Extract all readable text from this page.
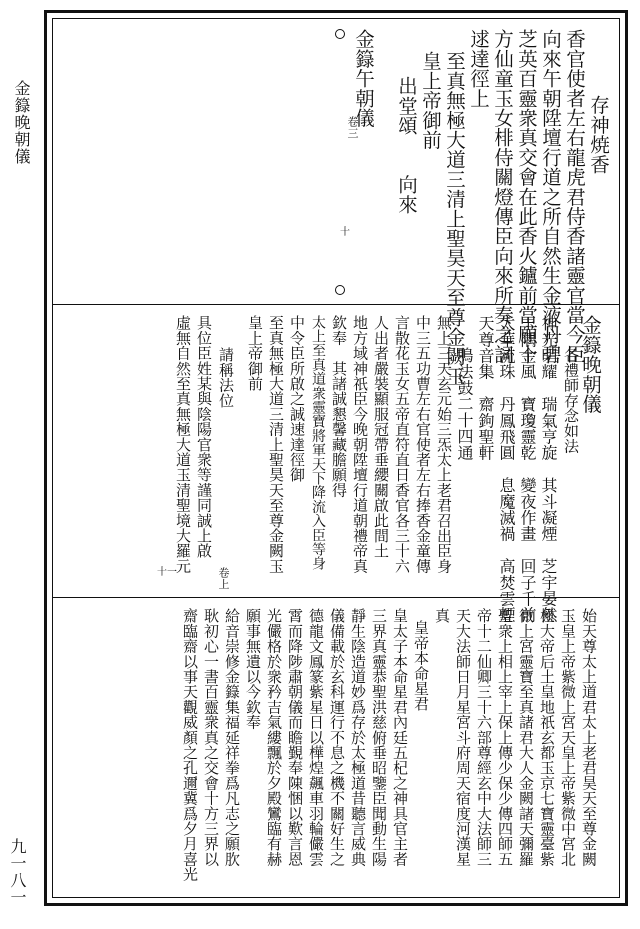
金籙晚朝儀
九一八一
存神焼香
香官使者左右龍虎君侍香諸靈官當今臣
向來午朝陞壇行道之所自然生金液丹碧
芝英百靈衆真交會在此香火鑪前當願十
方仙童玉女棑侍關燈傳臣向來所奏之詞
逑達徑上
至真無極大道三清上聖昊天至尊金闕玉
皇上帝御前
出堂頌　　向來
金籙午朝儀
卷三
十
金籙晚朝儀
各禮師存念如法
神光明耀　瑞氣亨旋　其斗凝煙　芝宇晏然
玉隅金風　寶瓊靈乾　變夜作畫　回子千前
太華流珠　丹鳳飛圓　息魔滅禍　高焚雲煙
天尊音集　齋鉤聖軒
鳴法鼓二十四通
無上三天玄元始三炁太上老君召出臣身
中三五功曹左右官使者左右捧香金童傳
言散花玉女五帝直符直日香官各三十六
人出者嚴裝顯服冠帶垂纓關啟此間土
地方域神祇臣今晚朝陞壇行道朝禮帝真
欽奉　其諸誠懇馨藏膽願得
太上至真道衆靈寶將軍天下降流入臣等身
中令臣所啟之誠速達徑御
至真無極大道三清上聖昊天至尊金闕玉
皇上帝御前
請稱法位
具位臣姓某與陰陽官衆等謹同誠上啟
虛無自然至真無極大道玉清聖境大羅元
卷上
十一
始天尊太上道君太上老君昊天至尊金闕
玉皇上帝紫微上宮天皇上帝紫微中宮北
極大帝后土皇地祇玄都玉京七寶靈臺紫
微上宮靈寶至真諸君大人金闕諸天彌羅
聖衆上相上宰上保上傳少保少傳四師五
帝十二仙卿三十六部尊經玄中大法師三
天大法師日月星宮斗府周天宿度河漢星
真
皇帝本命星君
皇太子本命星君內廷五杞之神具官主者
三界真靈恭聖洪慈俯垂昭鑒臣聞動生陽
靜生陰造道妙爲存於太極道昔聽言威典
儀備載於玄科運行不息之機不關好生之
德龍文鳳篆紫星日以樺煌飆車羽輪儼雲
霄而降陟肅朝儀而瞻覲奉陳悃以歎言恩
光儼格於衆矜吉氣縷飄於夕殿鸞臨有赫
願事無遺以今欽奉
給音崇修金籙集福延祥拳爲凡志之願肷
耿初心一書百靈衆真之交會十方三界以
齋臨齋以事天觀威顏之孔邇冀爲夕月喜光
